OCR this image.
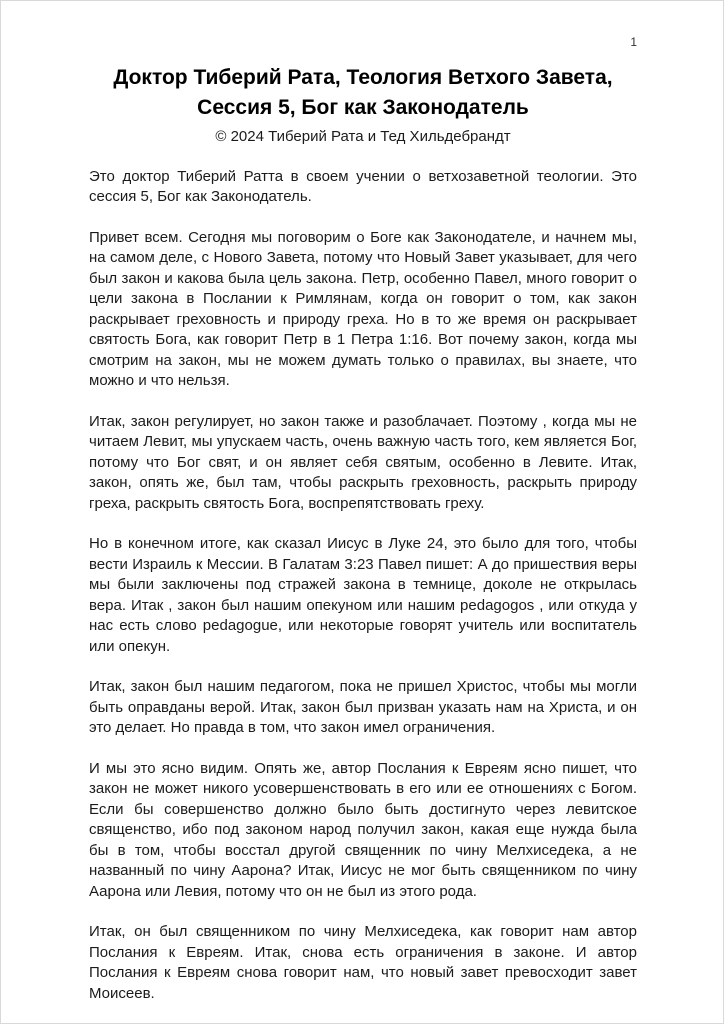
1
Доктор Тиберий Рата, Теология Ветхого Завета,
Сессия 5, Бог как Законодатель
© 2024 Тиберий Рата и Тед Хильдебрандт

Это доктор Тиберий Ратта в своем учении о ветхозаветной теологии. Это сессия 5, Бог как Законодатель.

Привет всем. Сегодня мы поговорим о Боге как Законодателе, и начнем мы, на самом деле, с Нового Завета, потому что Новый Завет указывает, для чего был закон и какова была цель закона. Петр, особенно Павел, много говорит о цели закона в Послании к Римлянам, когда он говорит о том, как закон раскрывает греховность и природу греха. Но в то же время он раскрывает святость Бога, как говорит Петр в 1 Петра 1:16. Вот почему закон, когда мы смотрим на закон, мы не можем думать только о правилах, вы знаете, что можно и что нельзя.

Итак, закон регулирует, но закон также и разоблачает. Поэтому , когда мы не читаем Левит, мы упускаем часть, очень важную часть того, кем является Бог, потому что Бог свят, и он являет себя святым, особенно в Левите. Итак, закон, опять же, был там, чтобы раскрыть греховность, раскрыть природу греха, раскрыть святость Бога, воспрепятствовать греху.

Но в конечном итоге, как сказал Иисус в Луке 24, это было для того, чтобы вести Израиль к Мессии. В Галатам 3:23 Павел пишет: А до пришествия веры мы были заключены под стражей закона в темнице, доколе не открылась вера. Итак , закон был нашим опекуном или нашим pedagogos , или откуда у нас есть слово pedagogue, или некоторые говорят учитель или воспитатель или опекун.

Итак, закон был нашим педагогом, пока не пришел Христос, чтобы мы могли быть оправданы верой. Итак, закон был призван указать нам на Христа, и он это делает. Но правда в том, что закон имел ограничения.

И мы это ясно видим. Опять же, автор Послания к Евреям ясно пишет, что закон не может никого усовершенствовать в его или ее отношениях с Богом. Если бы совершенство должно было быть достигнуто через левитское священство, ибо под законом народ получил закон, какая еще нужда была бы в том, чтобы восстал другой священник по чину Мелхиседека, а не названный по чину Аарона? Итак, Иисус не мог быть священником по чину Аарона или Левия, потому что он не был из этого рода.

Итак, он был священником по чину Мелхиседека, как говорит нам автор Послания к Евреям. Итак, снова есть ограничения в законе. И автор Послания к Евреям снова говорит нам, что новый завет превосходит завет Моисеев.
